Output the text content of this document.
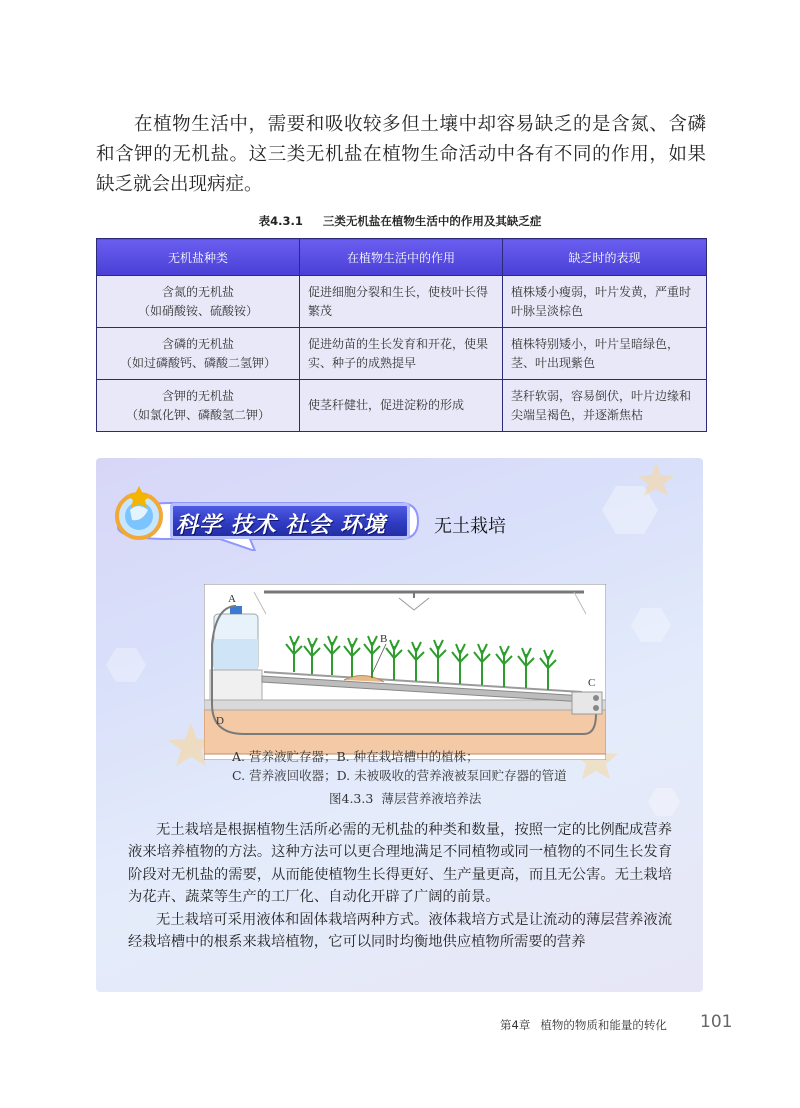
在植物生活中，需要和吸收较多但土壤中却容易缺乏的是含氮、含磷和含钾的无机盐。这三类无机盐在植物生命活动中各有不同的作用，如果缺乏就会出现病症。

表4.3.1 三类无机盐在植物生活中的作用及其缺乏症
无机盐种类	在植物生活中的作用	缺乏时的表现
含氮的无机盐
（如硝酸铵、硫酸铵）	促进细胞分裂和生长，使枝叶长得繁茂	植株矮小瘦弱，叶片发黄，严重时叶脉呈淡棕色
含磷的无机盐
（如过磷酸钙、磷酸二氢钾）	促进幼苗的生长发育和开花，使果实、种子的成熟提早	植株特别矮小，叶片呈暗绿色，茎、叶出现紫色
含钾的无机盐
（如氯化钾、磷酸氢二钾）	使茎秆健壮，促进淀粉的形成	茎秆软弱，容易倒伏，叶片边缘和尖端呈褐色，并逐渐焦枯
科学 技术 社会 环境	无土栽培
A
B
C
D
A. 营养液贮存器；B. 种在栽培槽中的植株；
C. 营养液回收器；D. 未被吸收的营养液被泵回贮存器的管道
图4.3.3 薄层营养液培养法

无土栽培是根据植物生活所必需的无机盐的种类和数量，按照一定的比例配成营养液来培养植物的方法。这种方法可以更合理地满足不同植物或同一植物的不同生长发育阶段对无机盐的需要，从而能使植物生长得更好、生产量更高，而且无公害。无土栽培为花卉、蔬菜等生产的工厂化、自动化开辟了广阔的前景。

无土栽培可采用液体和固体栽培两种方式。液体栽培方式是让流动的薄层营养液流经栽培槽中的根系来栽培植物，它可以同时均衡地供应植物所需要的营养

第4章 植物的物质和能量的转化 101
